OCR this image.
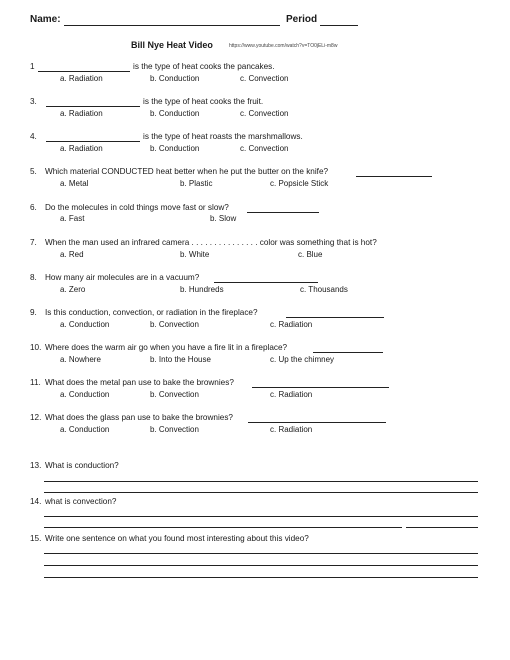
Name:	Period
Bill Nye Heat Video	https://www.youtube.com/watch?v=TO0jELi-m8w
1	is the type of heat cooks the pancakes.
a. Radiation	b. Conduction	c. Convection
3.	is the type of heat cooks the fruit.
a. Radiation	b. Conduction	c. Convection
4.	is the type of heat roasts the marshmallows.
a. Radiation	b. Conduction	c. Convection
5. Which material CONDUCTED heat better when he put the butter on the knife?
a. Metal	b. Plastic	c. Popsicle Stick
6. Do the molecules in cold things move fast or slow?
a. Fast	b. Slow
7. When the man used an infrared camera . . . . . . . . . . . . . . . color was something that is hot?
a. Red	b. White	c. Blue
8. How many air molecules are in a vacuum?
a. Zero	b. Hundreds	c. Thousands
9. Is this conduction, convection, or radiation in the fireplace?
a. Conduction	b. Convection	c. Radiation
10. Where does the warm air go when you have a fire lit in a fireplace?
a. Nowhere	b. Into the House	c. Up the chimney
11. What does the metal pan use to bake the brownies?
a. Conduction	b. Convection	c. Radiation
12. What does the glass pan use to bake the brownies?
a. Conduction	b. Convection	c. Radiation
13. What is conduction?
14. what is convection?
15. Write one sentence on what you found most interesting about this video?
